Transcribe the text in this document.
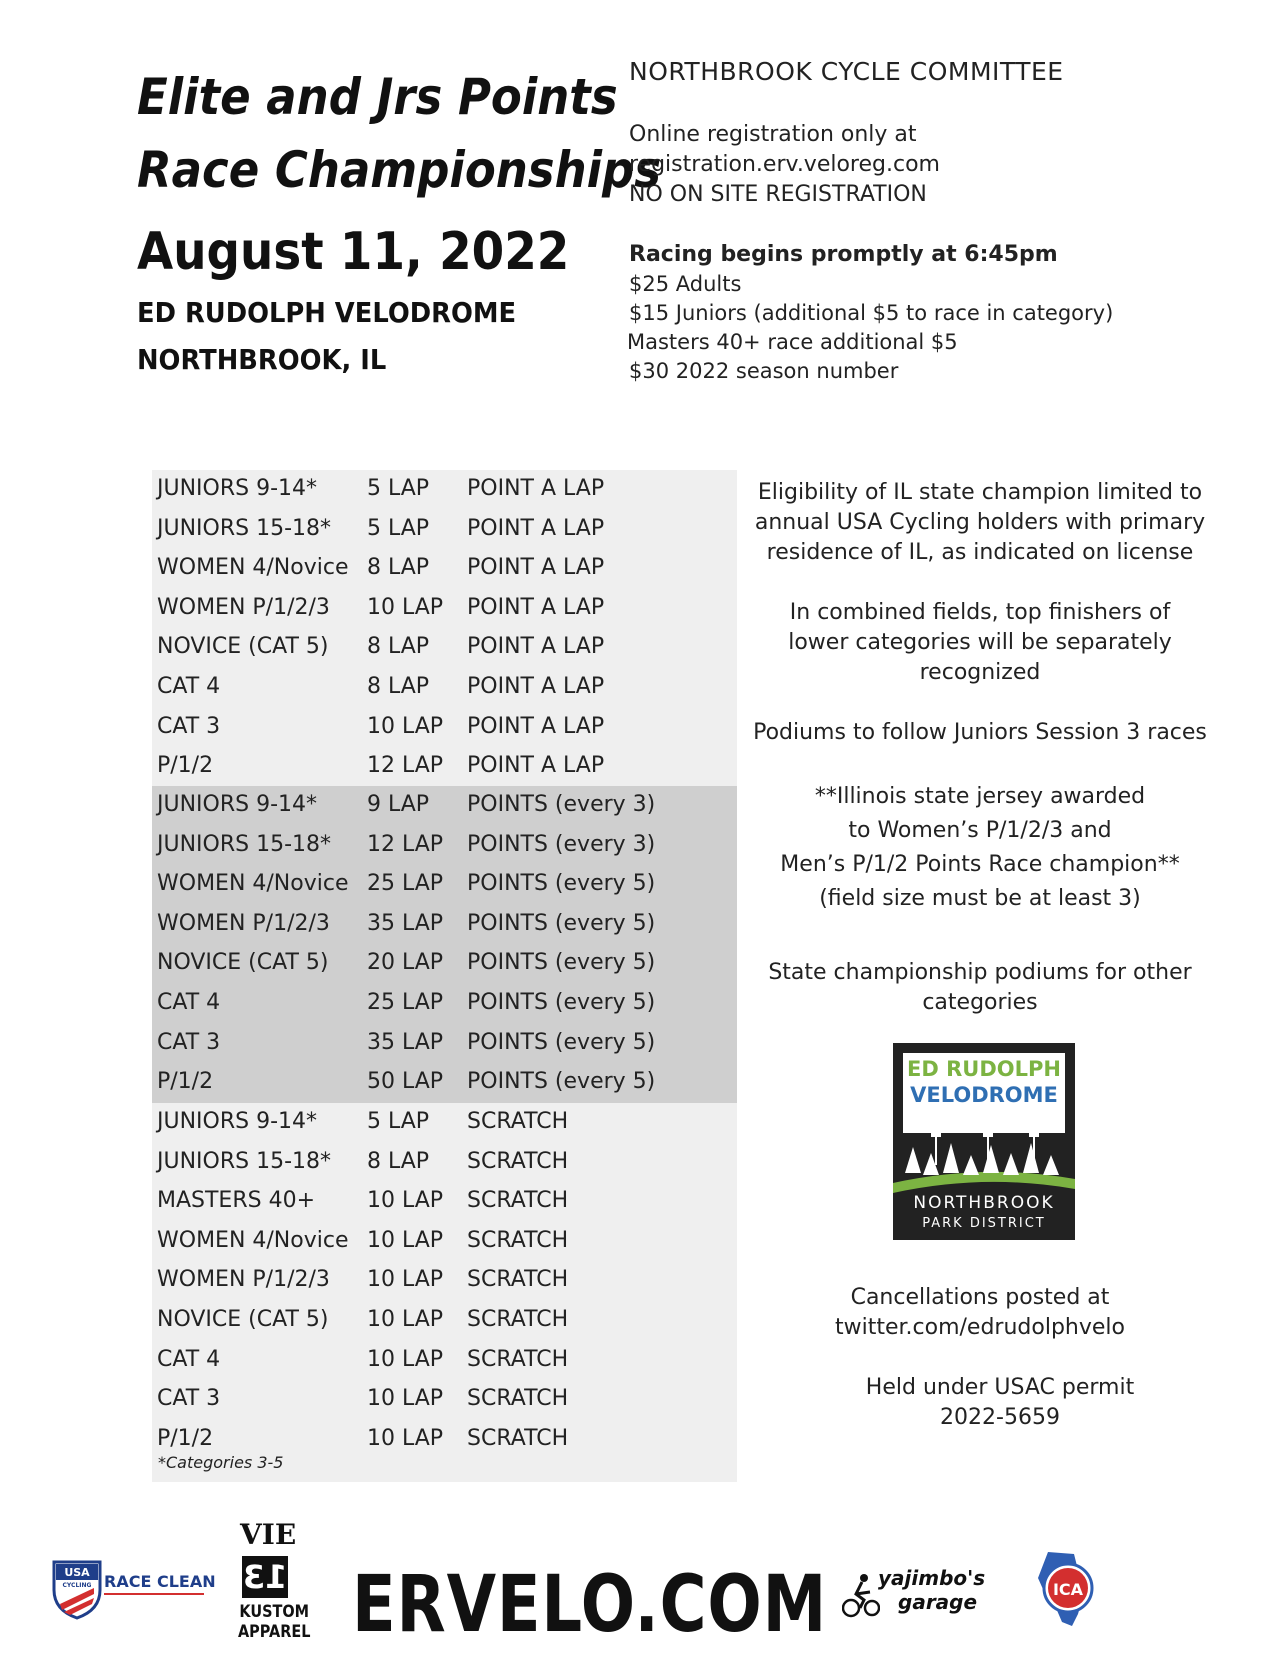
Elite and Jrs Points
Race Championships
August 11, 2022
ED RUDOLPH VELODROME
NORTHBROOK, IL
NORTHBROOK CYCLE COMMITTEE
Online registration only at
registration.erv.veloreg.com
NO ON SITE REGISTRATION
Racing begins promptly at 6:45pm
$25 Adults
$15 Juniors (additional $5 to race in category)
Masters 40+ race additional $5
$30 2022 season number
JUNIORS 9-14* 5 LAP POINT A LAP
JUNIORS 15-18* 5 LAP POINT A LAP
WOMEN 4/Novice 8 LAP POINT A LAP
WOMEN P/1/2/3 10 LAP POINT A LAP
NOVICE (CAT 5) 8 LAP POINT A LAP
CAT 4	8 LAP POINT A LAP
CAT 3	10 LAP POINT A LAP
P/1/2	12 LAP POINT A LAP
JUNIORS 9-14* 9 LAP POINTS (every 3)
JUNIORS 15-18* 12 LAP POINTS (every 3)
WOMEN 4/Novice 25 LAP POINTS (every 5)
WOMEN P/1/2/3 35 LAP POINTS (every 5)
NOVICE (CAT 5) 20 LAP POINTS (every 5)
CAT 4	25 LAP POINTS (every 5)
CAT 3	35 LAP POINTS (every 5)
P/1/2	50 LAP POINTS (every 5)
JUNIORS 9-14* 5 LAP SCRATCH
JUNIORS 15-18* 8 LAP SCRATCH
MASTERS 40+ 10 LAP SCRATCH
WOMEN 4/Novice 10 LAP SCRATCH
WOMEN P/1/2/3 10 LAP SCRATCH
NOVICE (CAT 5) 10 LAP SCRATCH
CAT 4	10 LAP SCRATCH
CAT 3	10 LAP SCRATCH
P/1/2	10 LAP SCRATCH
*Categories 3-5

Eligibility of IL state champion limited to

annual USA Cycling holders with primary

residence of IL, as indicated on license

In combined fields, top finishers of

lower categories will be separately

recognized

Podiums to follow Juniors Session 3 races

**Illinois state jersey awarded

to Women’s P/1/2/3 and

Men’s P/1/2 Points Race champion**

(field size must be at least 3)

State championship podiums for other

categories

ED RUDOLPH
VELODROME
NORTHBROOK
PARK DISTRICT

Cancellations posted at

twitter.com/edrudolphvelo

Held under USAC permit

2022-5659

USA
CYCLING RACE CLEAN
VIE
13
KUSTOM
APPAREL ERVELO.COM	yajimbo's
garage
ICA
